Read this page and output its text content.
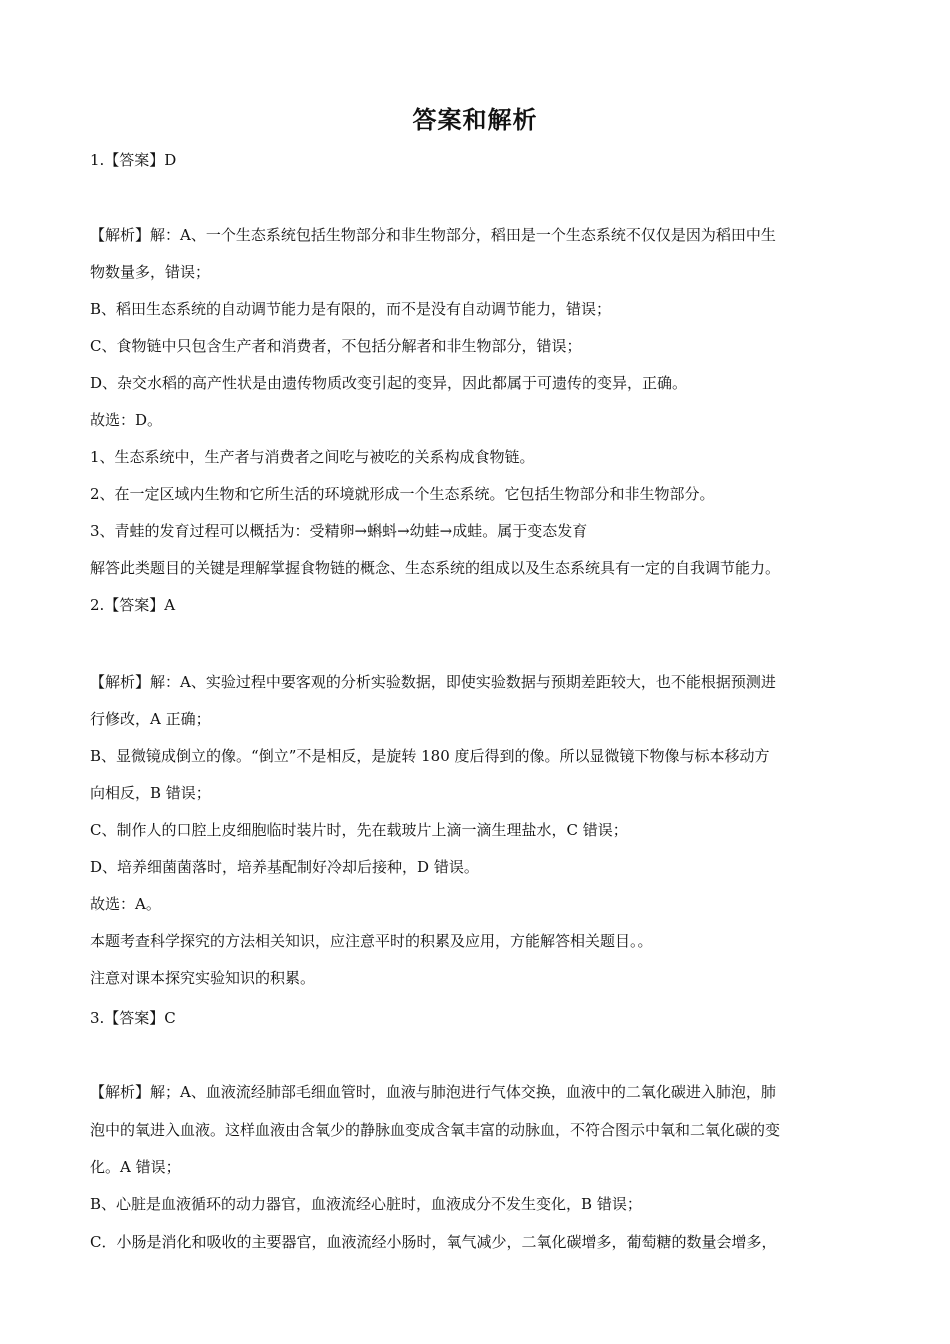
答案和解析
1.【答案】D
【解析】解：A、一个生态系统包括生物部分和非生物部分，稻田是一个生态系统不仅仅是因为稻田中生
物数量多，错误；
B、稻田生态系统的自动调节能力是有限的，而不是没有自动调节能力，错误；
C、食物链中只包含生产者和消费者，不包括分解者和非生物部分，错误；
D、杂交水稻的高产性状是由遗传物质改变引起的变异，因此都属于可遗传的变异，正确。
故选：D。
1、生态系统中，生产者与消费者之间吃与被吃的关系构成食物链。
2、在一定区域内生物和它所生活的环境就形成一个生态系统。它包括生物部分和非生物部分。
3、青蛙的发育过程可以概括为：受精卵→蝌蚪→幼蛙→成蛙。属于变态发育
解答此类题目的关键是理解掌握食物链的概念、生态系统的组成以及生态系统具有一定的自我调节能力。
2.【答案】A
【解析】解：A、实验过程中要客观的分析实验数据，即使实验数据与预期差距较大，也不能根据预测进
行修改，A 正确；
B、显微镜成倒立的像。“倒立”不是相反，是旋转 180 度后得到的像。所以显微镜下物像与标本移动方
向相反，B 错误；
C、制作人的口腔上皮细胞临时装片时，先在载玻片上滴一滴生理盐水，C 错误；
D、培养细菌菌落时，培养基配制好冷却后接种，D 错误。
故选：A。
本题考查科学探究的方法相关知识，应注意平时的积累及应用，方能解答相关题目。。
注意对课本探究实验知识的积累。
3.【答案】C
【解析】解；A、血液流经肺部毛细血管时，血液与肺泡进行气体交换，血液中的二氧化碳进入肺泡，肺
泡中的氧进入血液。这样血液由含氧少的静脉血变成含氧丰富的动脉血，不符合图示中氧和二氧化碳的变
化。A 错误；
B、心脏是血液循环的动力器官，血液流经心脏时，血液成分不发生变化，B 错误；
C．小肠是消化和吸收的主要器官，血液流经小肠时，氧气减少，二氧化碳增多，葡萄糖的数量会增多，
